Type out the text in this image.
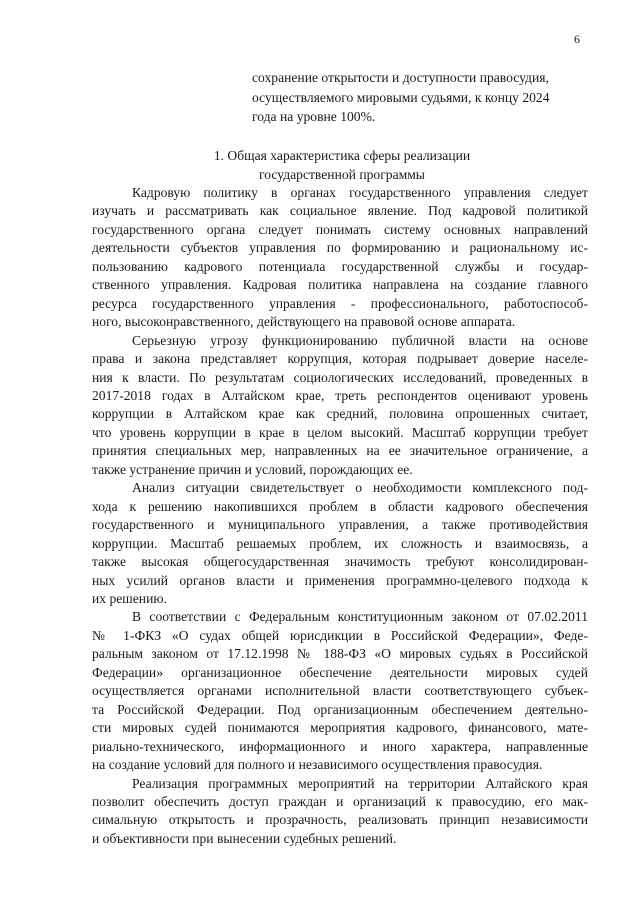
6
сохранение открытости и доступности правосудия,
осуществляемого мировыми судьями, к концу 2024
года на уровне 100%.
1. Общая характеристика сферы реализации
государственной программы
Кадровую политику в органах государственного управления следует
изучать и рассматривать как социальное явление. Под кадровой политикой
государственного органа следует понимать систему основных направлений
деятельности субъектов управления по формированию и рациональному ис-
пользованию кадрового потенциала государственной службы и государ-
ственного управления. Кадровая политика направлена на создание главного
ресурса государственного управления - профессионального, работоспособ-
ного, высоконравственного, действующего на правовой основе аппарата.
Серьезную угрозу функционированию публичной власти на основе
права и закона представляет коррупция, которая подрывает доверие населе-
ния к власти. По результатам социологических исследований, проведенных в
2017-2018 годах в Алтайском крае, треть респондентов оценивают уровень
коррупции в Алтайском крае как средний, половина опрошенных считает,
что уровень коррупции в крае в целом высокий. Масштаб коррупции требует
принятия специальных мер, направленных на ее значительное ограничение, а
также устранение причин и условий, порождающих ее.
Анализ ситуации свидетельствует о необходимости комплексного под-
хода к решению накопившихся проблем в области кадрового обеспечения
государственного и муниципального управления, а также противодействия
коррупции. Масштаб решаемых проблем, их сложность и взаимосвязь, а
также высокая общегосударственная значимость требуют консолидирован-
ных усилий органов власти и применения программно-целевого подхода к
их решению.
В соответствии с Федеральным конституционным законом от 07.02.2011
№ 1-ФКЗ «О судах общей юрисдикции в Российской Федерации», Феде-
ральным законом от 17.12.1998 № 188-ФЗ «О мировых судьях в Российской
Федерации» организационное обеспечение деятельности мировых судей
осуществляется органами исполнительной власти соответствующего субъек-
та Российской Федерации. Под организационным обеспечением деятельно-
сти мировых судей понимаются мероприятия кадрового, финансового, мате-
риально-технического, информационного и иного характера, направленные
на создание условий для полного и независимого осуществления правосудия.
Реализация программных мероприятий на территории Алтайского края
позволит обеспечить доступ граждан и организаций к правосудию, его мак-
симальную открытость и прозрачность, реализовать принцип независимости
и объективности при вынесении судебных решений.
